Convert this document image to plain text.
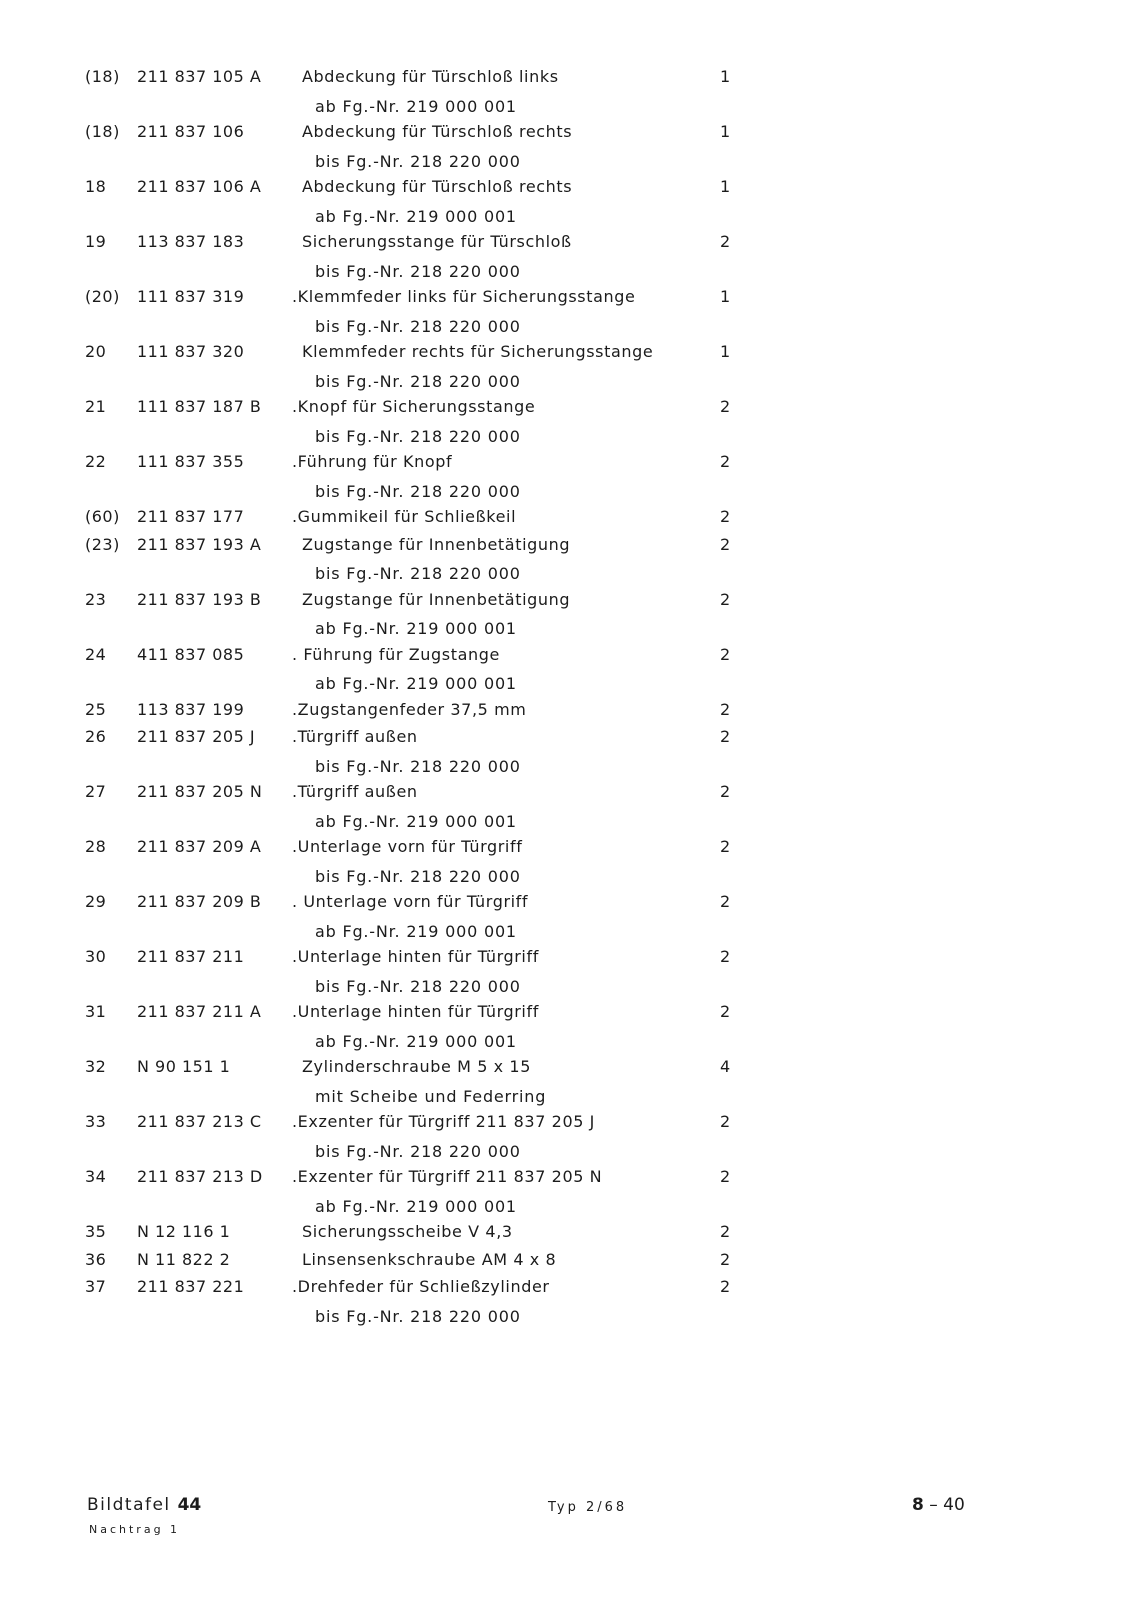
(18) 211 837 105 A	Abdeckung für Türschloß links	1
ab Fg.-Nr. 219 000 001
(18) 211 837 106	Abdeckung für Türschloß rechts	1
bis Fg.-Nr. 218 220 000
18 211 837 106 A	Abdeckung für Türschloß rechts	1
ab Fg.-Nr. 219 000 001
19 113 837 183	Sicherungsstange für Türschloß	2
bis Fg.-Nr. 218 220 000
(20) 111 837 319	.Klemmfeder links für Sicherungsstange	1
bis Fg.-Nr. 218 220 000
20 111 837 320	Klemmfeder rechts für Sicherungsstange	1
bis Fg.-Nr. 218 220 000
21 111 837 187 B .Knopf für Sicherungsstange	2
bis Fg.-Nr. 218 220 000
22 111 837 355	.Führung für Knopf	2
bis Fg.-Nr. 218 220 000
(60) 211 837 177	.Gummikeil für Schließkeil	2
(23) 211 837 193 A	Zugstange für Innenbetätigung	2
bis Fg.-Nr. 218 220 000
23 211 837 193 B	Zugstange für Innenbetätigung	2
ab Fg.-Nr. 219 000 001
24 411 837 085	. Führung für Zugstange	2
ab Fg.-Nr. 219 000 001
25 113 837 199	.Zugstangenfeder 37,5 mm	2
26 211 837 205 J .Türgriff außen	2
bis Fg.-Nr. 218 220 000
27 211 837 205 N .Türgriff außen	2
ab Fg.-Nr. 219 000 001
28 211 837 209 A .Unterlage vorn für Türgriff	2
bis Fg.-Nr. 218 220 000
29 211 837 209 B . Unterlage vorn für Türgriff	2
ab Fg.-Nr. 219 000 001
30 211 837 211	.Unterlage hinten für Türgriff	2
bis Fg.-Nr. 218 220 000
31 211 837 211 A .Unterlage hinten für Türgriff	2
ab Fg.-Nr. 219 000 001
32 N 90 151 1	Zylinderschraube M 5 x 15	4
mit Scheibe und Federring
33 211 837 213 C .Exzenter für Türgriff 211 837 205 J	2
bis Fg.-Nr. 218 220 000
34 211 837 213 D .Exzenter für Türgriff 211 837 205 N	2
ab Fg.-Nr. 219 000 001
35 N 12 116 1	Sicherungsscheibe V 4,3	2
36 N 11 822 2	Linsensenkschraube AM 4 x 8	2
37 211 837 221	.Drehfeder für Schließzylinder	2
bis Fg.-Nr. 218 220 000
Bildtafel 44
Nachtrag 1
Typ 2/68	8 – 40
